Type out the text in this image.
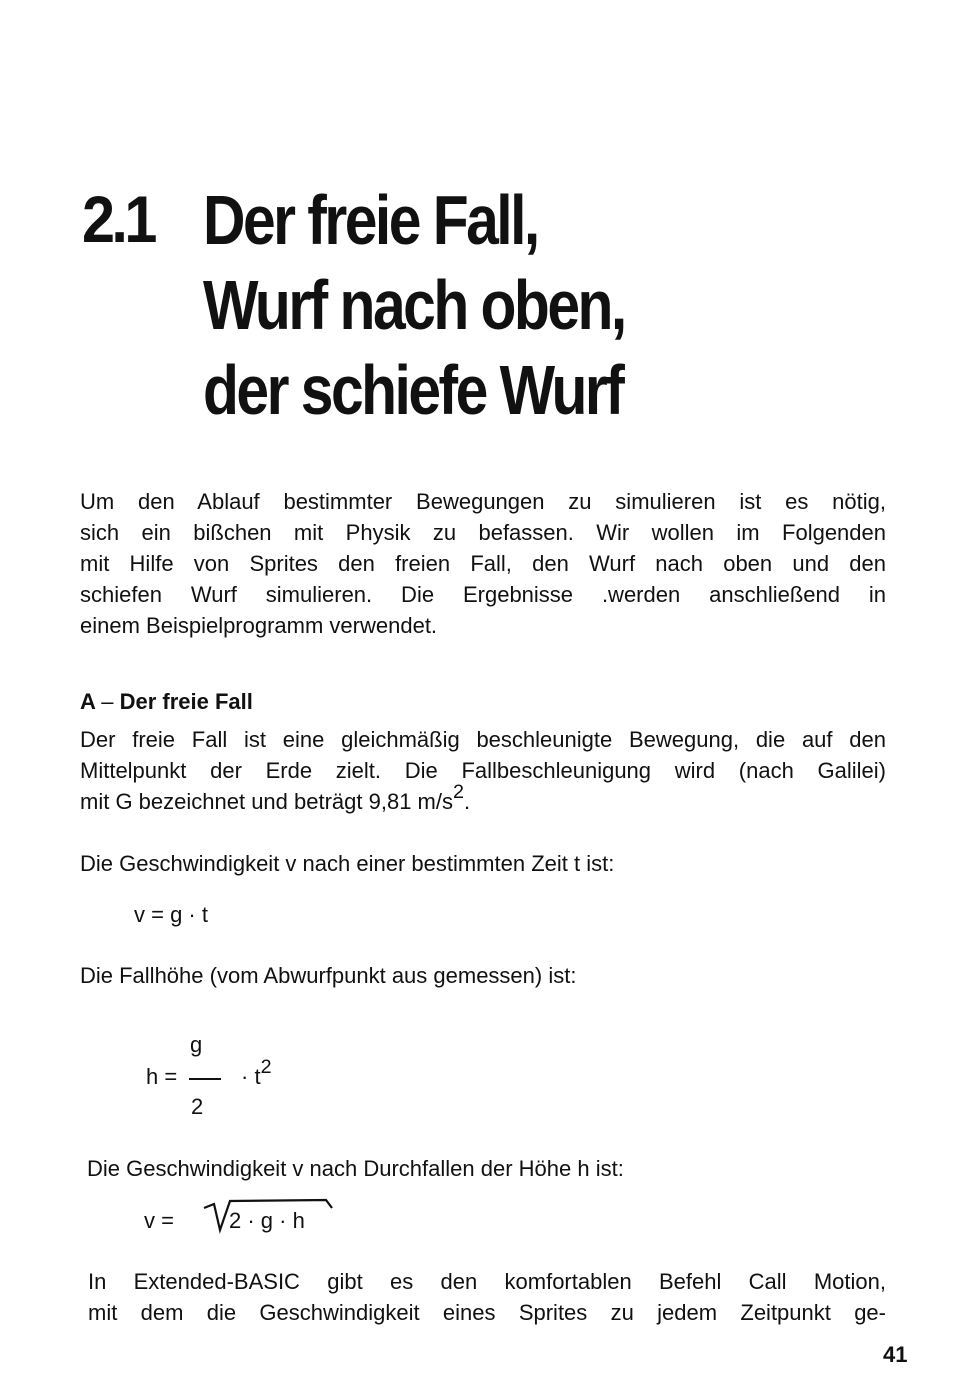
2.1 Der freie Fall,
Wurf nach oben,
der schiefe Wurf
Um den Ablauf bestimmter Bewegungen zu simulieren ist es nötig,
sich ein bißchen mit Physik zu befassen. Wir wollen im Folgenden
mit Hilfe von Sprites den freien Fall, den Wurf nach oben und den
schiefen Wurf simulieren. Die Ergebnisse .werden anschließend in
einem Beispielprogramm verwendet.
A – Der freie Fall
Der freie Fall ist eine gleichmäßig beschleunigte Bewegung, die auf den
Mittelpunkt der Erde zielt. Die Fallbeschleunigung wird (nach Galilei)
mit G bezeichnet und beträgt 9,81 $m/s^2$.
Die Geschwindigkeit v nach einer bestimmten Zeit t ist:
v = g · t
Die Fallhöhe (vom Abwurfpunkt aus gemessen) ist:
g
h =	· $t^2$
2
Die Geschwindigkeit v nach Durchfallen der Höhe h ist:
v =	2 · g · h
In Extended-BASIC gibt es den komfortablen Befehl Call Motion,
mit dem die Geschwindigkeit eines Sprites zu jedem Zeitpunkt ge-
41
